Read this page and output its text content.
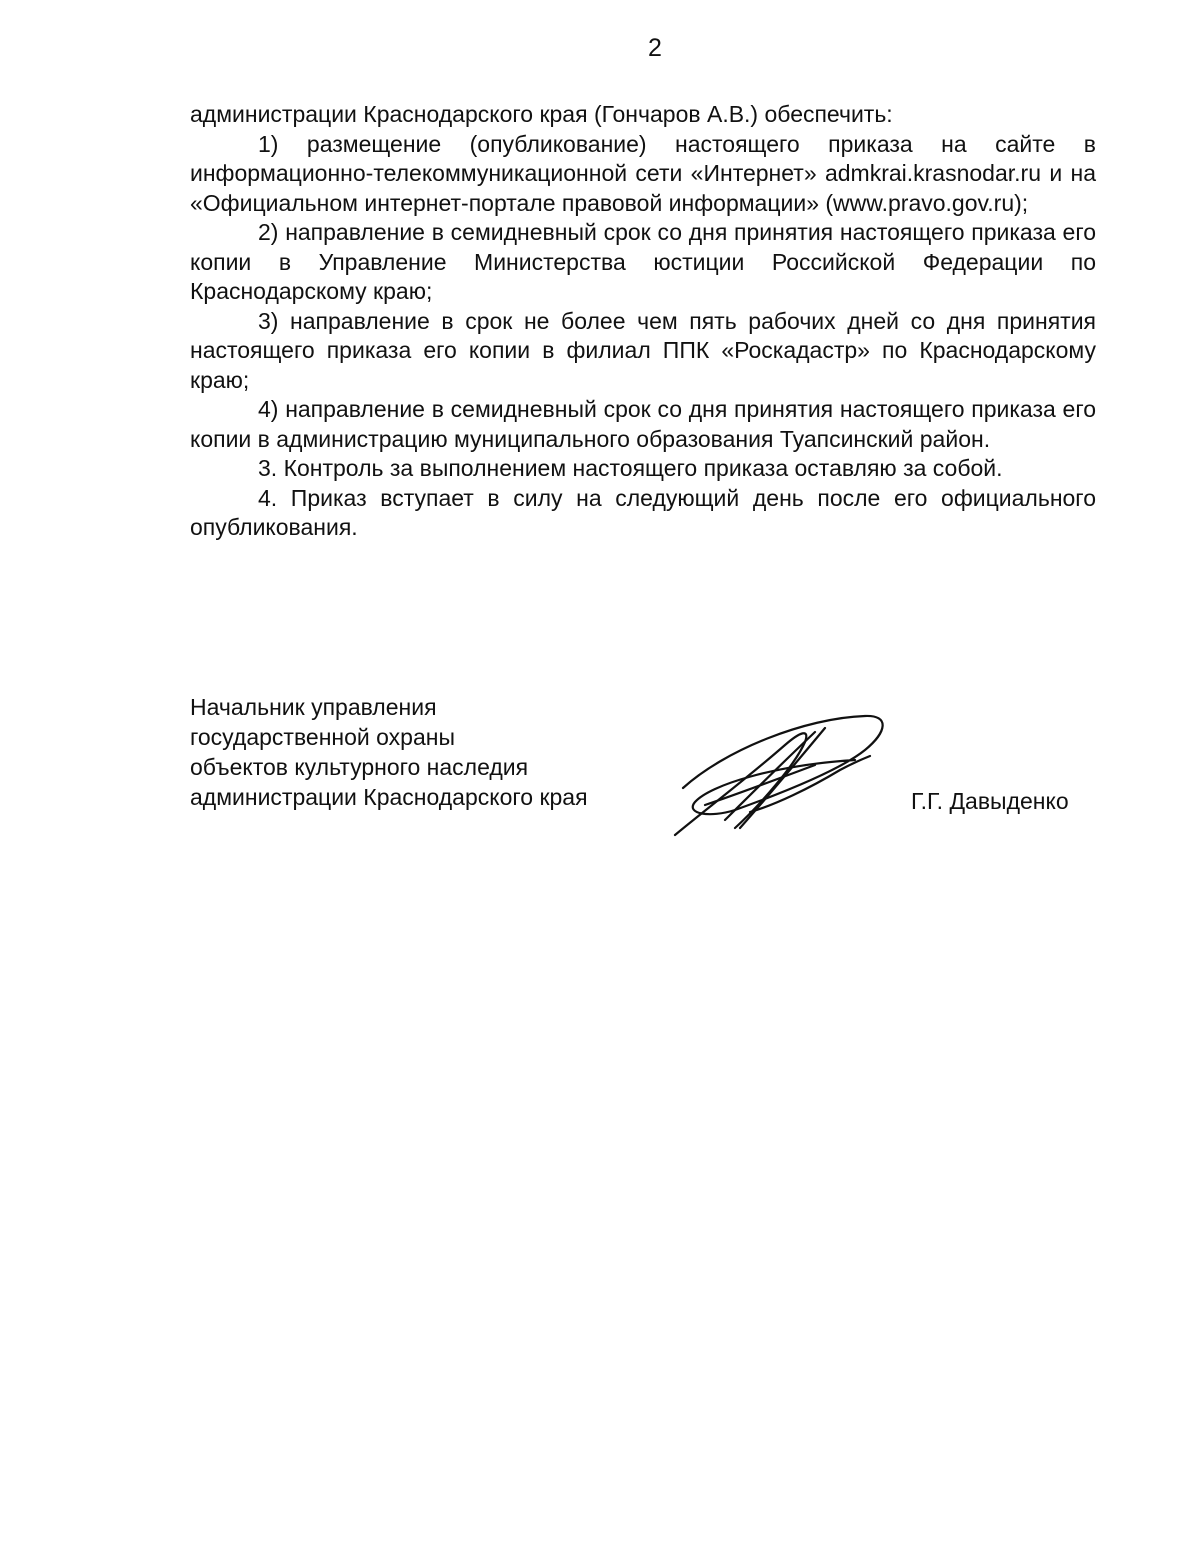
2

администрации Краснодарского края (Гончаров А.В.) обеспечить:

1) размещение (опубликование) настоящего приказа на сайте в информационно-телекоммуникационной сети «Интернет» admkrai.krasnodar.ru и на «Официальном интернет-портале правовой информации» (www.pravo.gov.ru);

2) направление в семидневный срок со дня принятия настоящего приказа его копии в Управление Министерства юстиции Российской Федерации по Краснодарскому краю;

3) направление в срок не более чем пять рабочих дней со дня принятия настоящего приказа его копии в филиал ППК «Роскадастр» по Краснодарскому краю;

4) направление в семидневный срок со дня принятия настоящего приказа его копии в администрацию муниципального образования Туапсинский район.

3. Контроль за выполнением настоящего приказа оставляю за собой.

4. Приказ вступает в силу на следующий день после его официального опубликования.

Начальник управления
государственной охраны
объектов культурного наследия
администрации Краснодарского края	Г.Г. Давыденко
